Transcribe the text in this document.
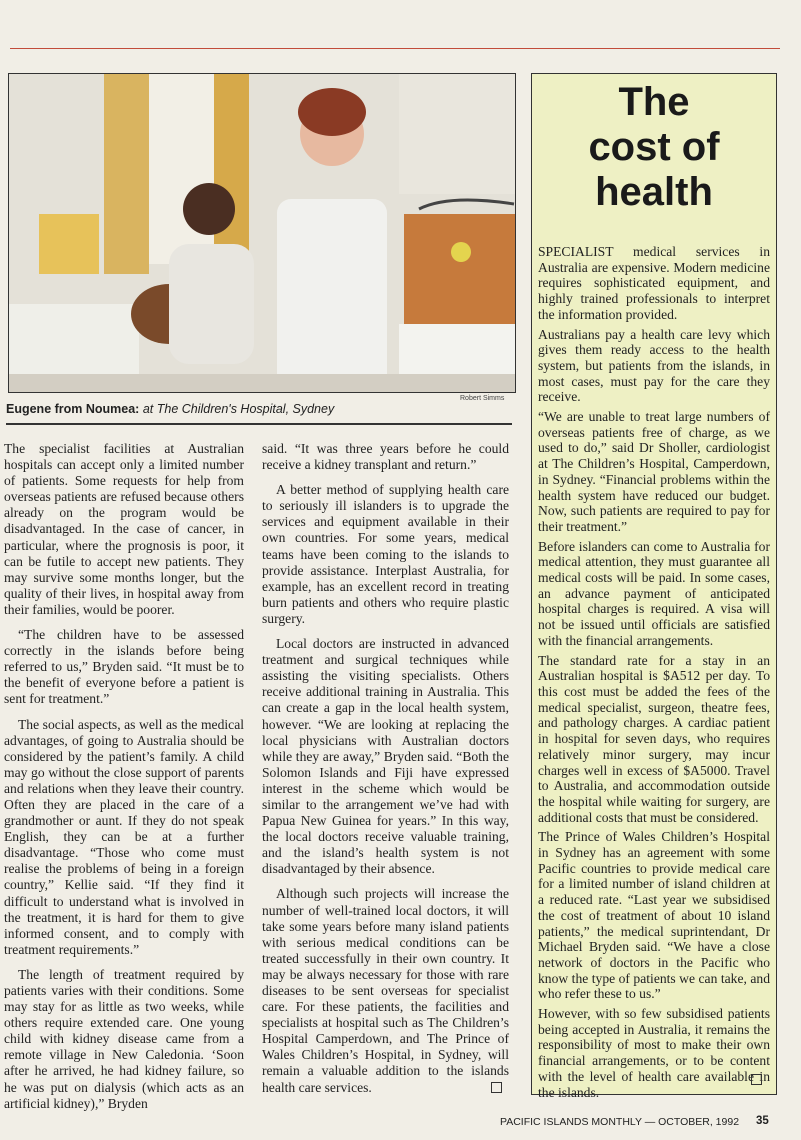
Robert Simms
Eugene from Noumea: at The Children's Hospital, Sydney

The specialist facilities at Australian hospitals can accept only a limited number of patients. Some requests for help from overseas patients are refused because others already on the program would be disadvantaged. In the case of cancer, in particular, where the prognosis is poor, it can be futile to accept new patients. They may survive some months longer, but the quality of their lives, in hospital away from their families, would be poorer.

“The children have to be assessed correctly in the islands before being referred to us,” Bryden said. “It must be to the benefit of everyone before a patient is sent for treatment.”

The social aspects, as well as the medical advantages, of going to Australia should be considered by the patient’s family. A child may go without the close support of parents and relations when they leave their country. Often they are placed in the care of a grandmother or aunt. If they do not speak English, they can be at a further disadvantage. “Those who come must realise the problems of being in a foreign country,” Kellie said. “If they find it difficult to understand what is involved in the treatment, it is hard for them to give informed consent, and to comply with treatment requirements.”

The length of treatment required by patients varies with their conditions. Some may stay for as little as two weeks, while others require extended care. One young child with kidney disease came from a remote village in New Caledonia. ‘Soon after he arrived, he had kidney failure, so he was put on dialysis (which acts as an artificial kidney),” Bryden

said. “It was three years before he could receive a kidney transplant and return.”

A better method of supplying health care to seriously ill islanders is to upgrade the services and equipment available in their own countries. For some years, medical teams have been coming to the islands to provide assistance. Interplast Australia, for example, has an excellent record in treating burn patients and others who require plastic surgery.

Local doctors are instructed in advanced treatment and surgical techniques while assisting the visiting specialists. Others receive additional training in Australia. This can create a gap in the local health system, however. “We are looking at replacing the local physicians with Australian doctors while they are away,” Bryden said. “Both the Solomon Islands and Fiji have expressed interest in the scheme which would be similar to the arrangement we’ve had with Papua New Guinea for years.” In this way, the local doctors receive valuable training, and the island’s health system is not disadvantaged by their absence.

Although such projects will increase the number of well-trained local doctors, it will take some years before many island patients with serious medical conditions can be treated successfully in their own country. It may be always necessary for those with rare diseases to be sent overseas for specialist care. For these patients, the facilities and specialists at hospital such as The Children’s Hospital Camperdown, and The Prince of Wales Children’s Hospital, in Sydney, will remain a valuable addition to the islands health care services.

The
cost of
health

SPECIALIST medical services in Australia are expensive. Modern medicine requires sophisticated equipment, and highly trained professionals to interpret the information provided.

Australians pay a health care levy which gives them ready access to the health system, but patients from the islands, in most cases, must pay for the care they receive.

“We are unable to treat large numbers of overseas patients free of charge, as we used to do,” said Dr Sholler, cardiologist at The Children’s Hospital, Camperdown, in Sydney. “Financial problems within the health system have reduced our budget. Now, such patients are required to pay for their treatment.”

Before islanders can come to Australia for medical attention, they must guarantee all medical costs will be paid. In some cases, an advance payment of anticipated hospital charges is required. A visa will not be issued until officials are satisfied with the financial arrangements.

The standard rate for a stay in an Australian hospital is $A512 per day. To this cost must be added the fees of the medical specialist, surgeon, theatre fees, and pathology charges. A cardiac patient in hospital for seven days, who requires relatively minor surgery, may incur charges well in excess of $A5000. Travel to Australia, and accommodation outside the hospital while waiting for surgery, are additional costs that must be considered.

The Prince of Wales Children’s Hospital in Sydney has an agreement with some Pacific countries to provide medical care for a limited number of island children at a reduced rate. “Last year we subsidised the cost of treatment of about 10 island patients,” the medical suprintendant, Dr Michael Bryden said. “We have a close network of doctors in the Pacific who know the type of patients we can take, and who refer these to us.”

However, with so few subsidised patients being accepted in Australia, it remains the responsibility of most to make their own financial arrangements, or to be content with the level of health care available in the islands.

PACIFIC ISLANDS MONTHLY — OCTOBER, 1992 35
